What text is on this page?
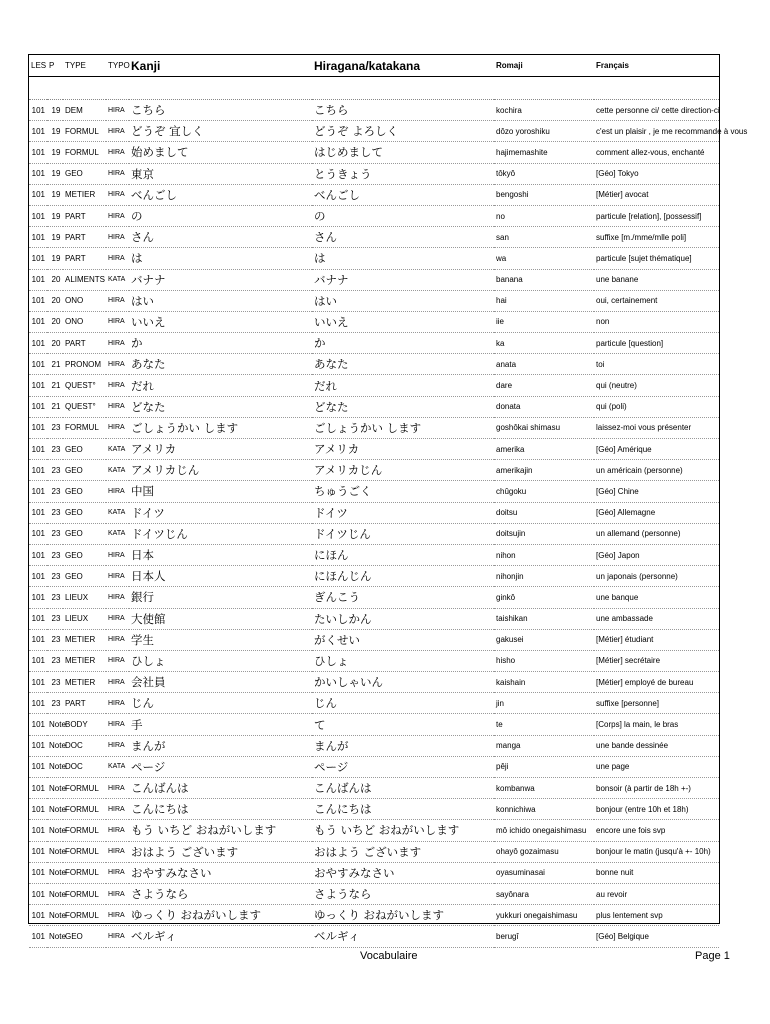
LES	P	TYPE	TYPO	Kanji	Hiragana/katakana	Romaji	Français

101	19	DEM	HIRA	こちら	こちら	kochira	cette personne ci/ cette direction-ci
101	19	FORMUL	HIRA	どうぞ 宜しく	どうぞ よろしく	dôzo yoroshiku	c'est un plaisir , je me recommande à vous
101	19	FORMUL	HIRA	始めまして	はじめまして	hajimemashite	comment allez-vous, enchanté
101	19	GEO	HIRA	東京	とうきょう	tôkyô	[Géo] Tokyo
101	19	METIER	HIRA	べんごし	べんごし	bengoshi	[Métier] avocat
101	19	PART	HIRA	の	の	no	particule [relation], [possessif]
101	19	PART	HIRA	さん	さん	san	suffixe [m./mme/mlle poli]
101	19	PART	HIRA	は	は	wa	particule [sujet thématique]
101	20	ALIMENTS	KATA	バナナ	バナナ	banana	une banane
101	20	ONO	HIRA	はい	はい	hai	oui, certainement
101	20	ONO	HIRA	いいえ	いいえ	iie	non
101	20	PART	HIRA	か	か	ka	particule [question]
101	21	PRONOM	HIRA	あなた	あなた	anata	toi
101	21	QUEST°	HIRA	だれ	だれ	dare	qui (neutre)
101	21	QUEST°	HIRA	どなた	どなた	donata	qui (poli)
101	23	FORMUL	HIRA	ごしょうかい します	ごしょうかい します	goshôkai shimasu	laissez-moi vous présenter
101	23	GEO	KATA	アメリカ	アメリカ	amerika	[Géo] Amérique
101	23	GEO	KATA	アメリカじん	アメリカじん	amerikajin	un américain (personne)
101	23	GEO	HIRA	中国	ちゅうごく	chûgoku	[Géo] Chine
101	23	GEO	KATA	ドイツ	ドイツ	doitsu	[Géo] Allemagne
101	23	GEO	KATA	ドイツじん	ドイツじん	doitsujin	un allemand (personne)
101	23	GEO	HIRA	日本	にほん	nihon	[Géo] Japon
101	23	GEO	HIRA	日本人	にほんじん	nihonjin	un japonais (personne)
101	23	LIEUX	HIRA	銀行	ぎんこう	ginkô	une banque
101	23	LIEUX	HIRA	大使館	たいしかん	taishikan	une ambassade
101	23	METIER	HIRA	学生	がくせい	gakusei	[Métier] étudiant
101	23	METIER	HIRA	ひしょ	ひしょ	hisho	[Métier] secrétaire
101	23	METIER	HIRA	会社員	かいしゃいん	kaishain	[Métier] employé de bureau
101	23	PART	HIRA	じん	じん	jin	suffixe [personne]
101	Note	BODY	HIRA	手	て	te	[Corps] la main, le bras
101	Note	DOC	HIRA	まんが	まんが	manga	une bande dessinée
101	Note	DOC	KATA	ページ	ページ	pêji	une page
101	Note	FORMUL	HIRA	こんばんは	こんばんは	kombanwa	bonsoir (à partir de 18h +-)
101	Note	FORMUL	HIRA	こんにちは	こんにちは	konnichiwa	bonjour (entre 10h et 18h)
101	Note	FORMUL	HIRA	もう いちど おねがいします	もう いちど おねがいします	mô ichido onegaishimasu	encore une fois svp
101	Note	FORMUL	HIRA	おはよう ございます	おはよう ございます	ohayô gozaimasu	bonjour le matin (jusqu'à +- 10h)
101	Note	FORMUL	HIRA	おやすみなさい	おやすみなさい	oyasuminasai	bonne nuit
101	Note	FORMUL	HIRA	さようなら	さようなら	sayônara	au revoir
101	Note	FORMUL	HIRA	ゆっくり おねがいします	ゆっくり おねがいします	yukkuri onegaishimasu	plus lentement svp
101	Note	GEO	HIRA	ベルギィ	ベルギィ	berugî	[Géo] Belgique
Vocabulaire	Page 1
